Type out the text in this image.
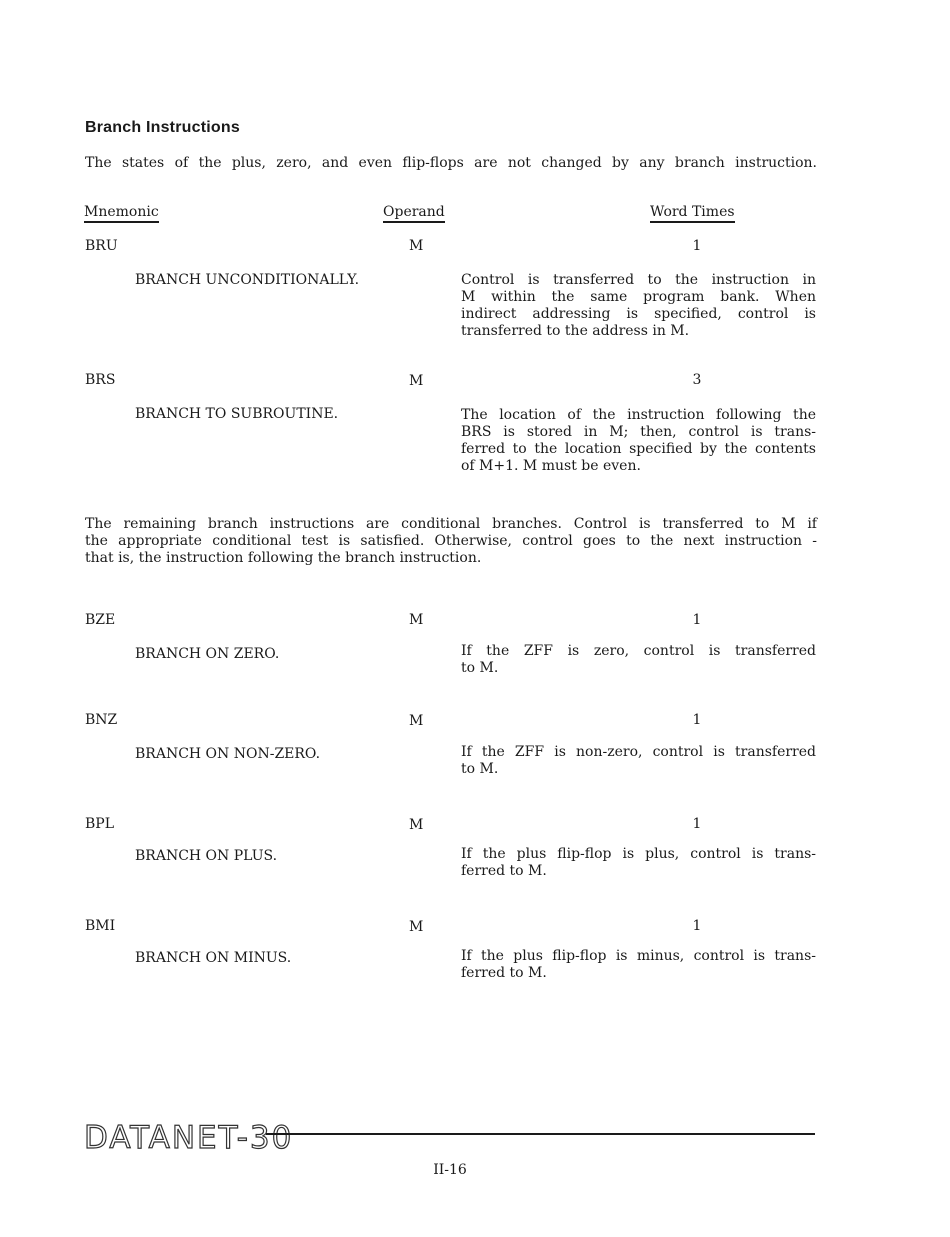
Branch Instructions
The states of the plus, zero, and even flip-flops are not changed by any branch instruction.
Mnemonic	Operand	Word Times
BRU	M	1
BRANCH UNCONDITIONALLY.	Control is transferred to the instruction in
M within the same program bank. When
indirect addressing is specified, control is
transferred to the address in M.
BRS	M	3
BRANCH TO SUBROUTINE.	The location of the instruction following the
BRS is stored in M; then, control is trans-
ferred to the location specified by the contents
of M+1. M must be even.
The remaining branch instructions are conditional branches. Control is transferred to M if
the appropriate conditional test is satisfied. Otherwise, control goes to the next instruction -
that is, the instruction following the branch instruction.
BZE	M	1
BRANCH ON ZERO.	If the ZFF is zero, control is transferred
to M.
BNZ	M	1
BRANCH ON NON-ZERO.	If the ZFF is non-zero, control is transferred
to M.
BPL	M	1
BRANCH ON PLUS.	If the plus flip-flop is plus, control is trans-
ferred to M.
BMI	M	1
BRANCH ON MINUS.	If the plus flip-flop is minus, control is trans-
ferred to M.
DATANET-30
II-16
